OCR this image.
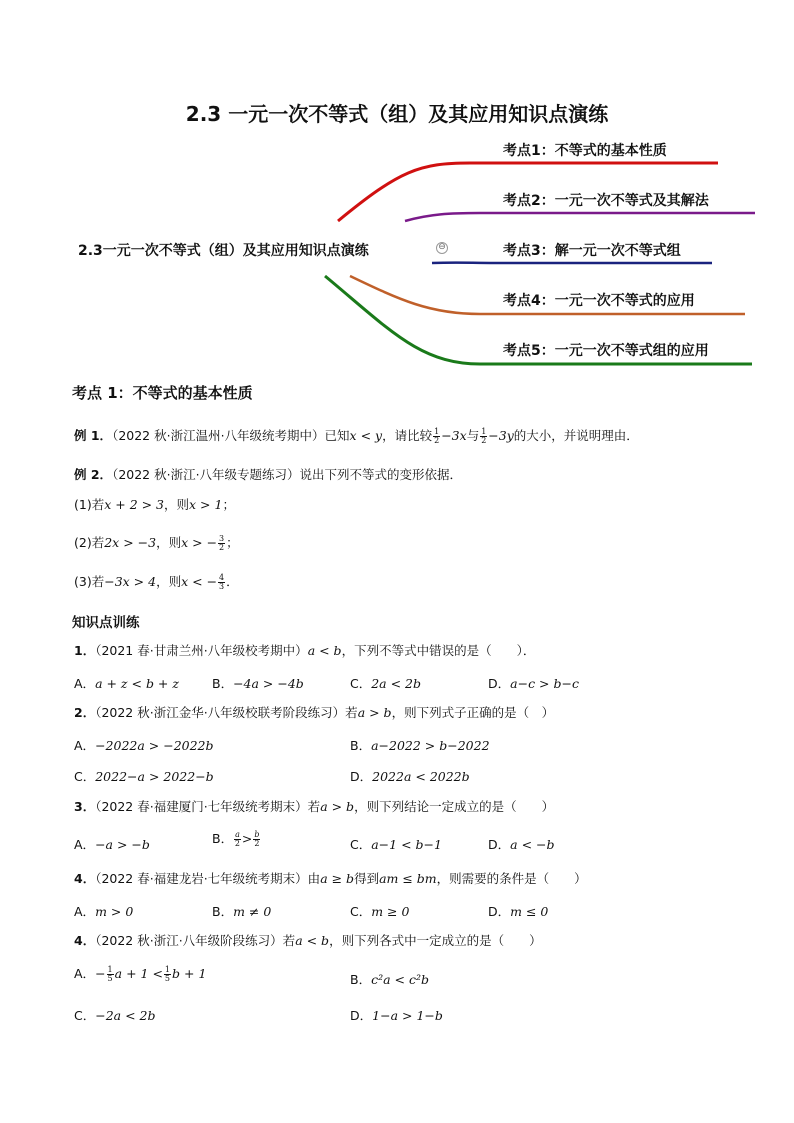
2.3 一元一次不等式（组）及其应用知识点演练
2.3一元一次不等式（组）及其应用知识点演练	⊖
考点1：不等式的基本性质
考点2：一元一次不等式及其解法
考点3：解一元一次不等式组
考点4：一元一次不等式的应用
考点5：一元一次不等式组的应用
考点 1：不等式的基本性质
例 1．（2022 秋·浙江温州·八年级统考期中）已知x < y，请比较 $\frac{1}{2} -3x$与 $\frac{1}{2} -3y$的大小，并说明理由．
例 2．（2022 秋·浙江·八年级专题练习）说出下列不等式的变形依据．
(1)若x + 2 > 3，则x > 1；
(2)若2x > −3，则x > − $\frac{3}{2}$ ；
(3)若−3x > 4，则x < − $\frac{4}{3}$ ．
知识点训练
1．（2021 春·甘肃兰州·八年级校考期中）a < b，下列不等式中错误的是（　　）．
A．a + z < b + z	B．−4a > −4b	C．2a < 2b	D．a−c > b−c
2．（2022 秋·浙江金华·八年级校联考阶段练习）若a > b，则下列式子正确的是（　）
A．−2022a > −2022b	B．a−2022 > b−2022
C．2022−a > 2022−b	D．2022a < 2022b
3．（2022 春·福建厦门·七年级统考期末）若a > b，则下列结论一定成立的是（　　）
A．−a > −b	B． $\frac{a}{2} > \frac{b}{2}$	C．a−1 < b−1	D．a < −b
4．（2022 春·福建龙岩·七年级统考期末）由a ≥ b得到am ≤ bm，则需要的条件是（　　）
A．m > 0	B．m ≠ 0	C．m ≥ 0	D．m ≤ 0
4．（2022 秋·浙江·八年级阶段练习）若a < b，则下列各式中一定成立的是（　　）
A．− $\frac{1}{5}$ $a + 1 < \frac{1}{5}$ b + 1	B．c²a < c²b
C．−2a < 2b	D．1−a > 1−b
